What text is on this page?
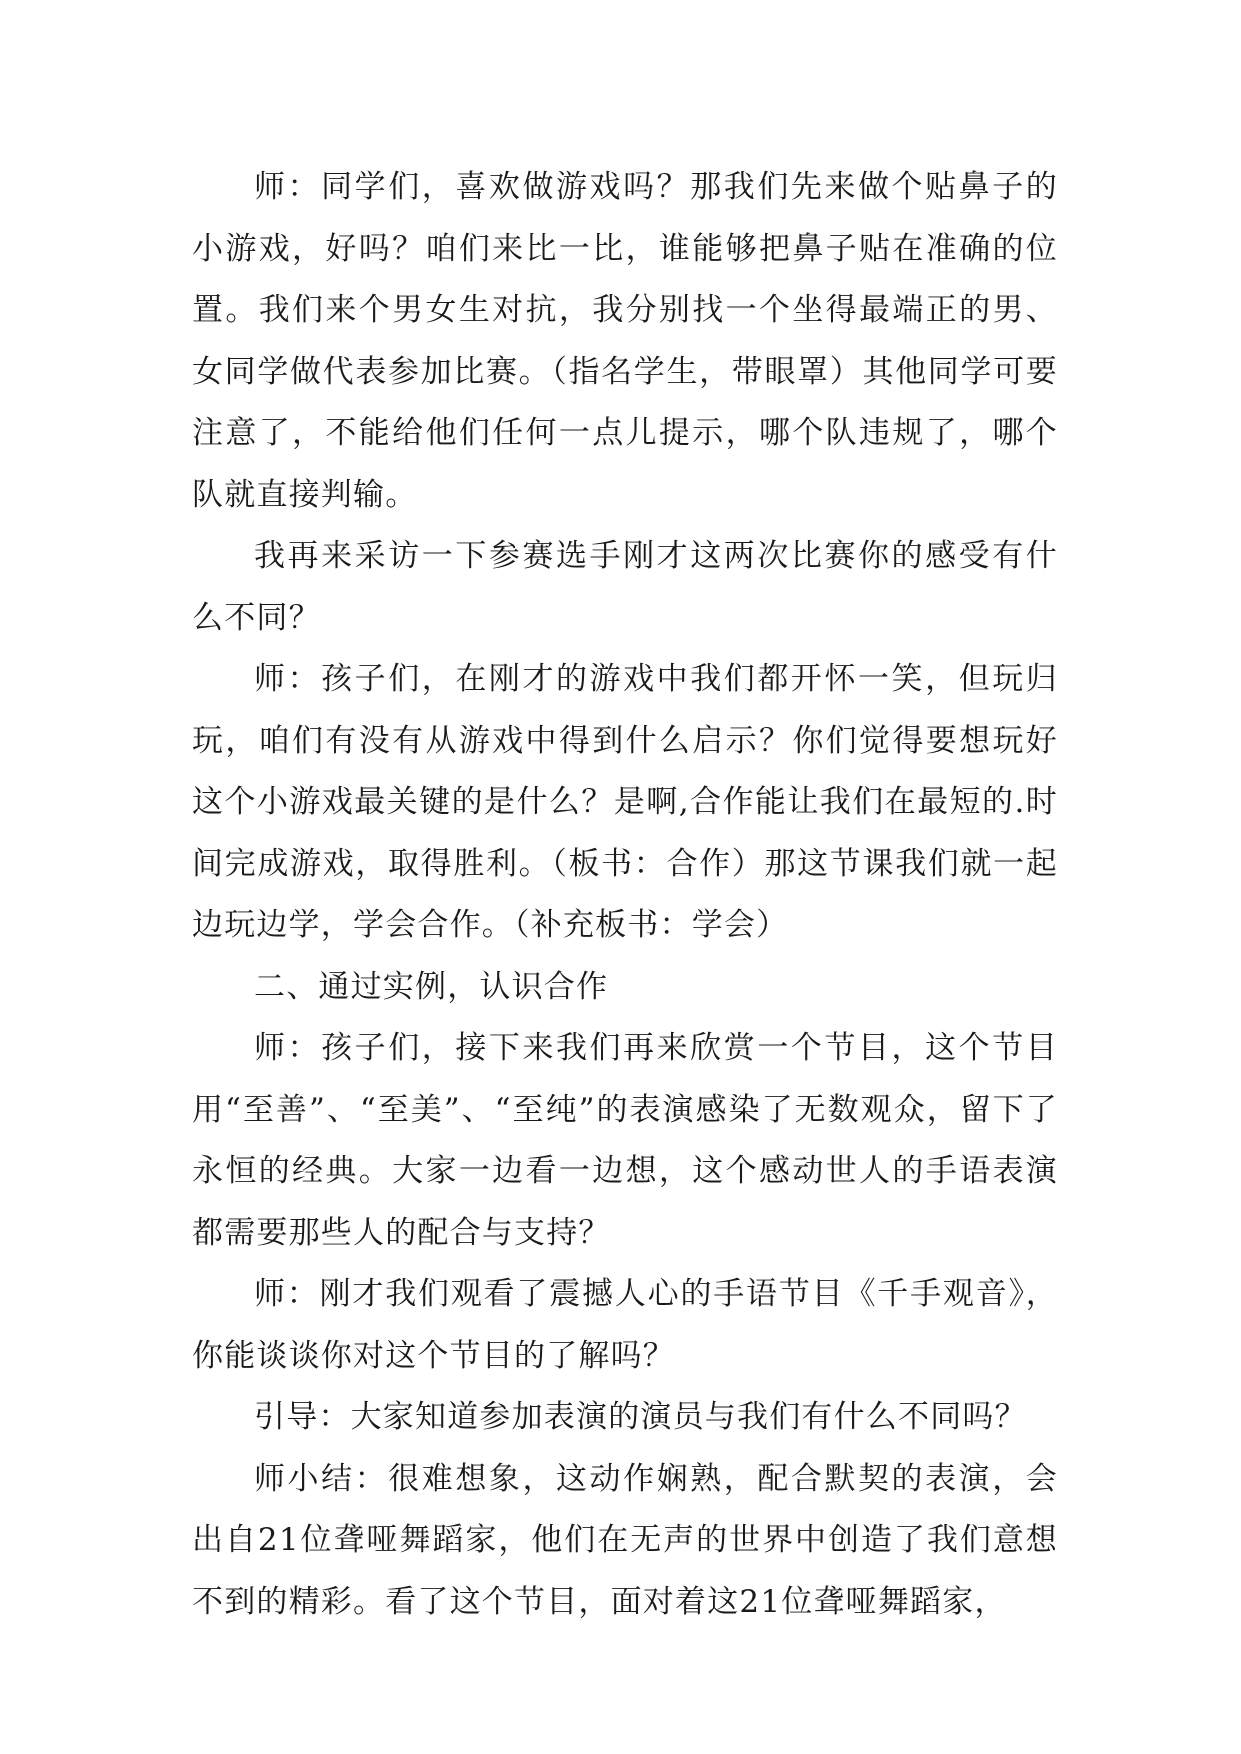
师：同学们，喜欢做游戏吗？那我们先来做个贴鼻子的小游戏，好吗？咱们来比一比，谁能够把鼻子贴在准确的位置。我们来个男女生对抗，我分别找一个坐得最端正的男、女同学做代表参加比赛。（指名学生，带眼罩）其他同学可要注意了，不能给他们任何一点儿提示，哪个队违规了，哪个队就直接判输。

我再来采访一下参赛选手刚才这两次比赛你的感受有什么不同？

师：孩子们，在刚才的游戏中我们都开怀一笑，但玩归玩，咱们有没有从游戏中得到什么启示？你们觉得要想玩好这个小游戏最关键的是什么？是啊,合作能让我们在最短的.时间完成游戏，取得胜利。（板书：合作）那这节课我们就一起边玩边学，学会合作。（补充板书：学会）

二、通过实例，认识合作

师：孩子们，接下来我们再来欣赏一个节目，这个节目用“至善”、“至美”、“至纯”的表演感染了无数观众，留下了永恒的经典。大家一边看一边想，这个感动世人的手语表演都需要那些人的配合与支持？

师：刚才我们观看了震撼人心的手语节目《千手观音》，你能谈谈你对这个节目的了解吗？

引导：大家知道参加表演的演员与我们有什么不同吗？

师小结：很难想象，这动作娴熟，配合默契的表演，会出自21位聋哑舞蹈家，他们在无声的世界中创造了我们意想不到的精彩。看了这个节目，面对着这21位聋哑舞蹈家，
